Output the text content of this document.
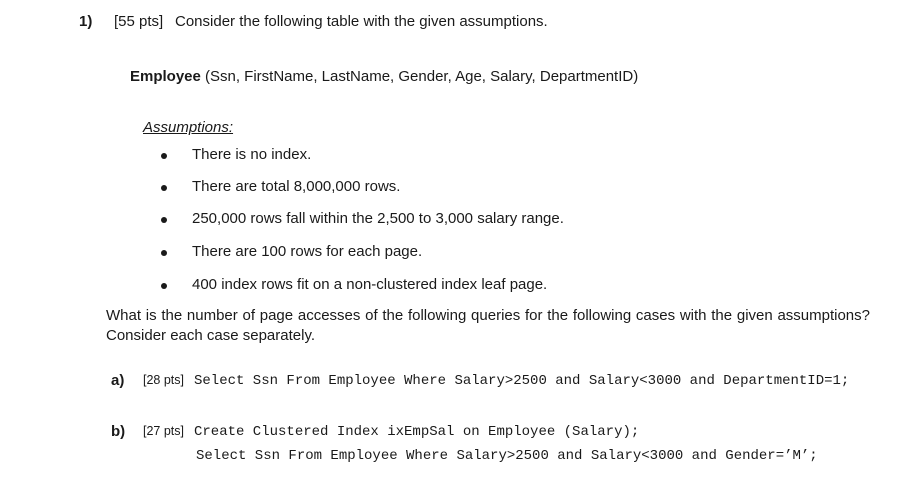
1) [55 pts] Consider the following table with the given assumptions.
Employee (Ssn, FirstName, LastName, Gender, Age, Salary, DepartmentID)
Assumptions:
There is no index.
There are total 8,000,000 rows.
250,000 rows fall within the 2,500 to 3,000 salary range.
There are 100 rows for each page.
400 index rows fit on a non-clustered index leaf page.
What is the number of page accesses of the following queries for the following cases with the given assumptions? Consider each case separately.
a) [28 pts] Select Ssn From Employee Where Salary>2500 and Salary<3000 and DepartmentID=1;
b) [27 pts] Create Clustered Index ixEmpSal on Employee (Salary);
Select Ssn From Employee Where Salary>2500 and Salary<3000 and Gender=’M’;
